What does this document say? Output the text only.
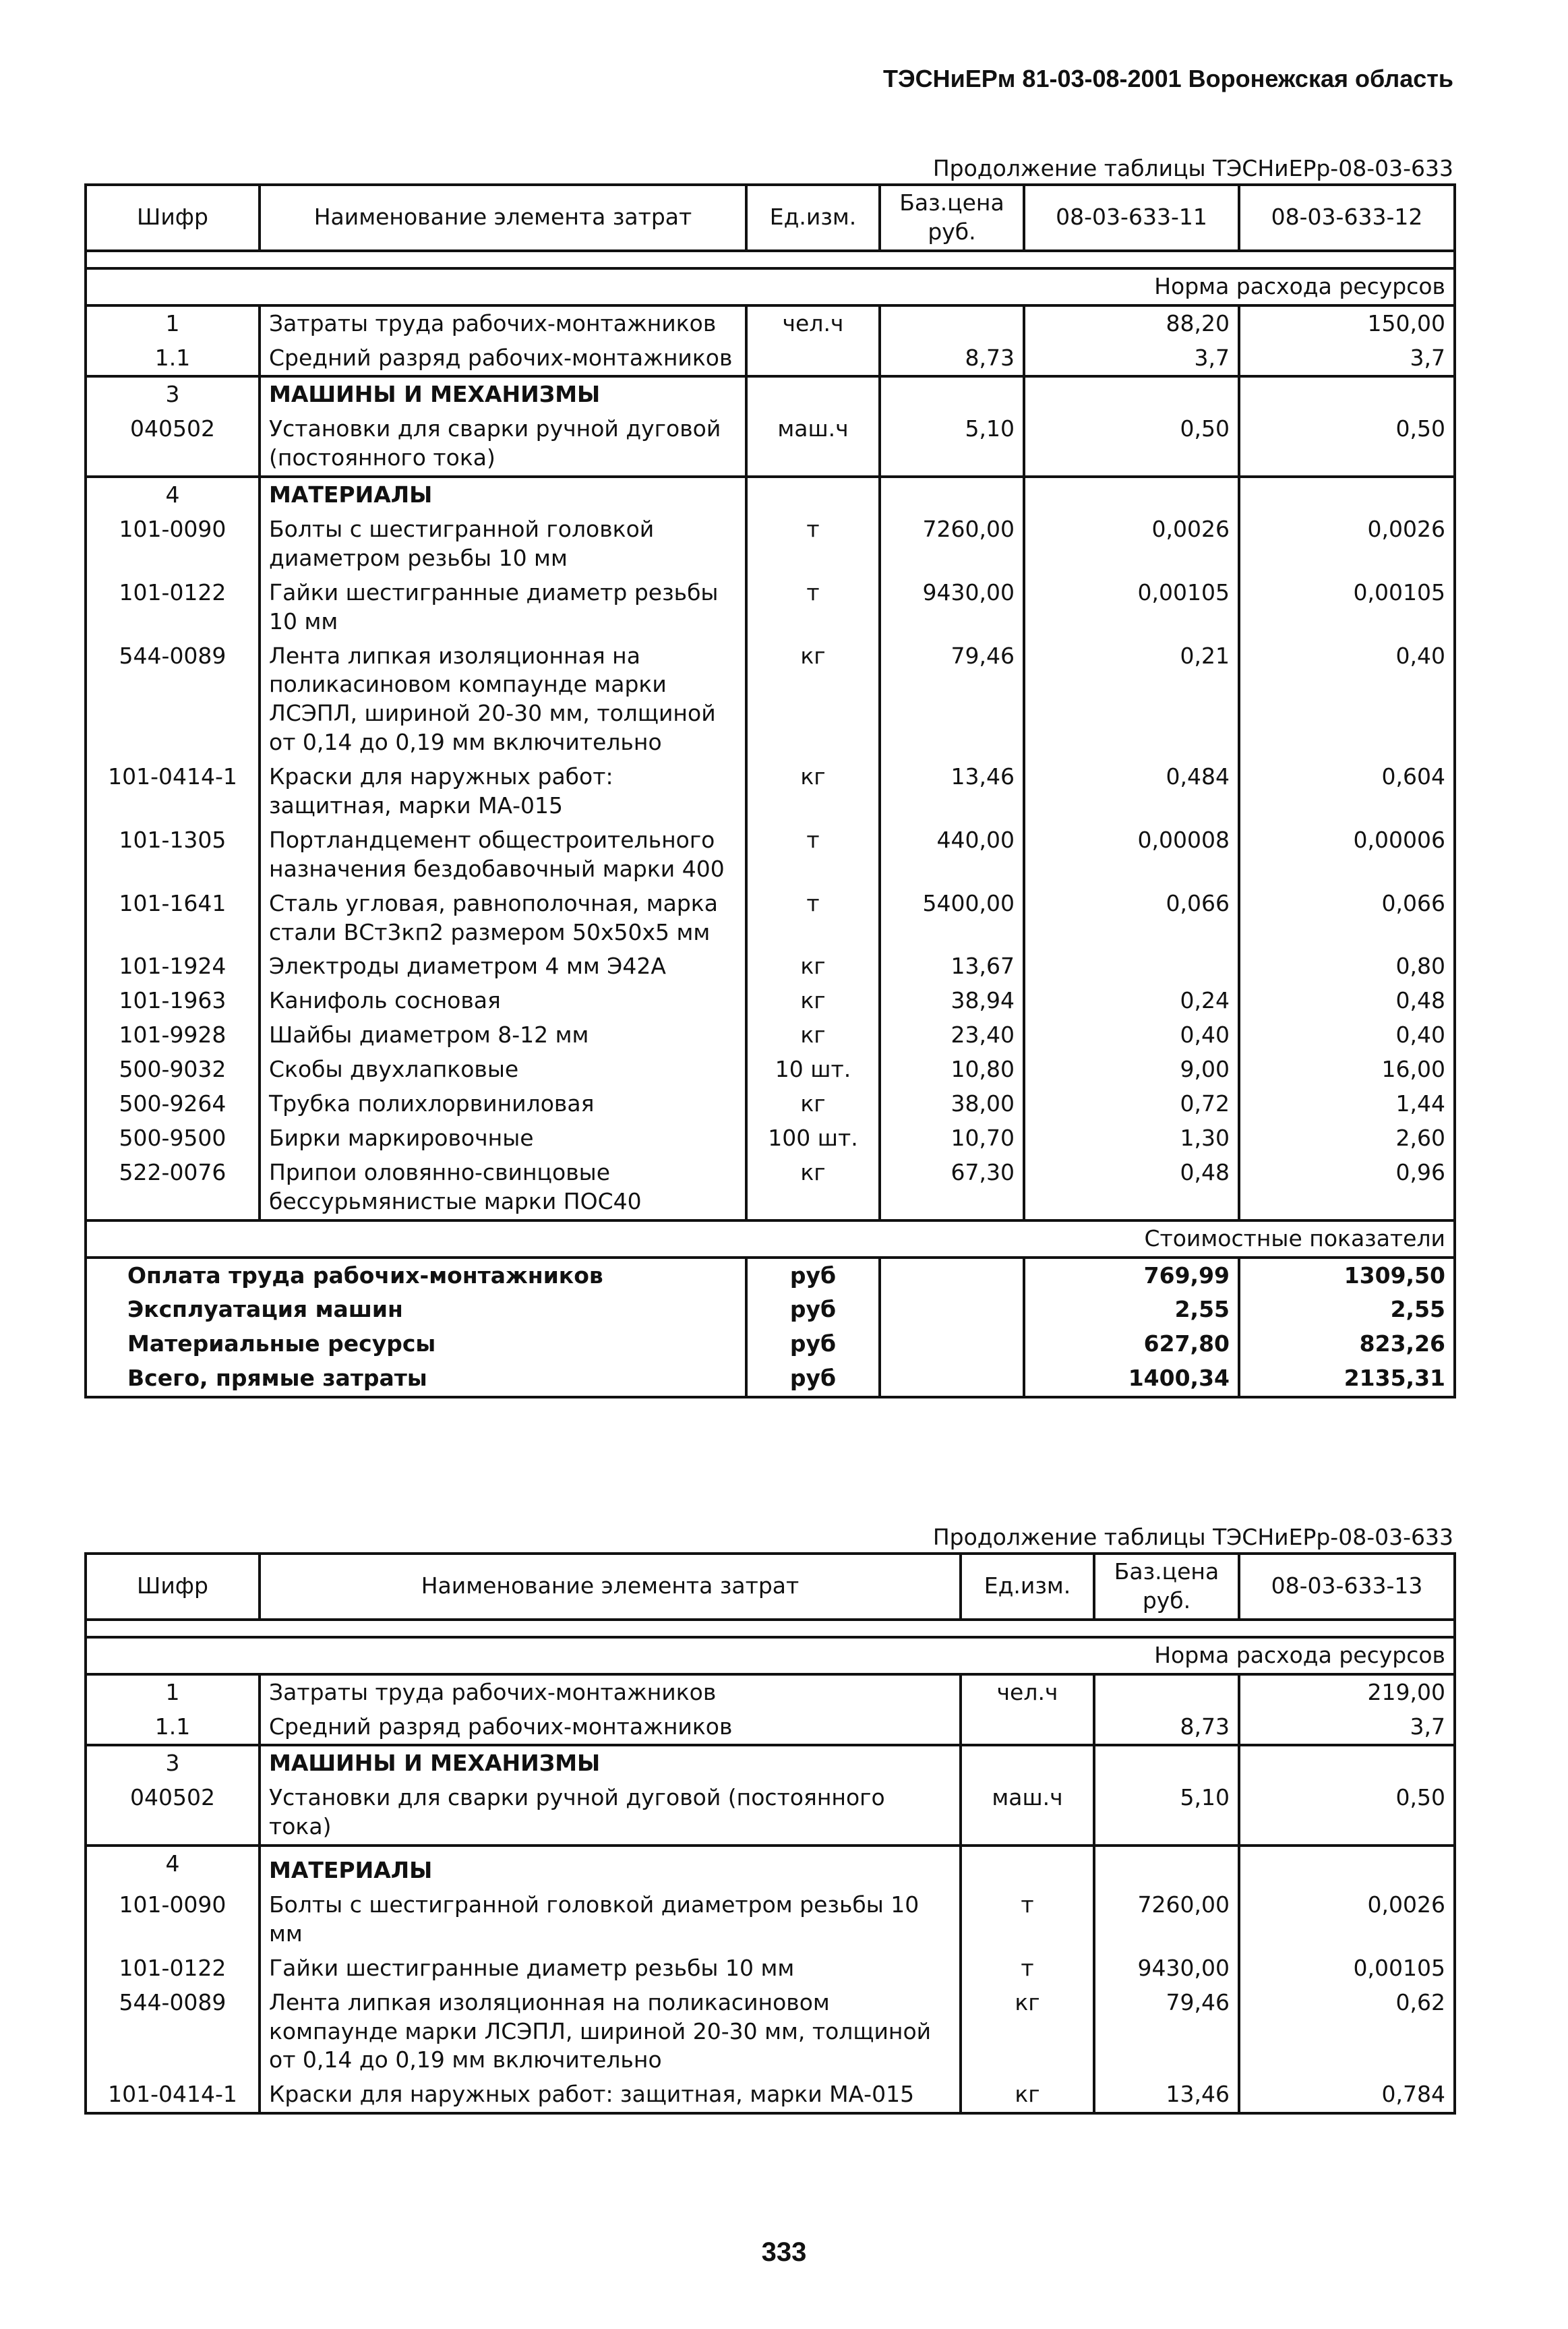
ТЭСНиЕРм 81-03-08-2001 Воронежская область
Продолжение таблицы ТЭСНиЕРр-08-03-633
Шифр	Наименование элемента затрат	Ед.изм.	Баз.цена руб.	08-03-633-11	08-03-633-12

Норма расхода ресурсов					
1	Затраты труда рабочих-монтажников	чел.ч		88,20	150,00
1.1	Средний разряд рабочих-монтажников		8,73	3,7	3,7
3	МАШИНЫ И МЕХАНИЗМЫ				
040502	Установки для сварки ручной дуговой (постоянного тока)	маш.ч	5,10	0,50	0,50
4	МАТЕРИАЛЫ				
101-0090	Болты с шестигранной головкой диаметром резьбы 10 мм	т	7260,00	0,0026	0,0026
101-0122	Гайки шестигранные диаметр резьбы 10 мм	т	9430,00	0,00105	0,00105
544-0089	Лента липкая изоляционная на поликасиновом компаунде марки ЛСЭПЛ, шириной 20-30 мм, толщиной от 0,14 до 0,19 мм включительно	кг	79,46	0,21	0,40
101-0414-1	Краски для наружных работ: защитная, марки МА-015	кг	13,46	0,484	0,604
101-1305	Портландцемент общестроительного назначения бездобавочный марки 400	т	440,00	0,00008	0,00006
101-1641	Сталь угловая, равнополочная, марка стали ВСт3кп2 размером 50х50х5 мм	т	5400,00	0,066	0,066
101-1924	Электроды диаметром 4 мм Э42А	кг	13,67		0,80
101-1963	Канифоль сосновая	кг	38,94	0,24	0,48
101-9928	Шайбы диаметром 8-12 мм	кг	23,40	0,40	0,40
500-9032	Скобы двухлапковые	10 шт.	10,80	9,00	16,00
500-9264	Трубка полихлорвиниловая	кг	38,00	0,72	1,44
500-9500	Бирки маркировочные	100 шт.	10,70	1,30	2,60
522-0076	Припои оловянно-свинцовые бессурьмянистые марки ПОС40	кг	67,30	0,48	0,96
Стоимостные показатели					
Оплата труда рабочих-монтажников		руб		769,99	1309,50
Эксплуатация машин		руб		2,55	2,55
Материальные ресурсы		руб		627,80	823,26
Всего, прямые затраты		руб		1400,34	2135,31
Продолжение таблицы ТЭСНиЕРр-08-03-633
Шифр	Наименование элемента затрат	Ед.изм.	Баз.цена руб.	08-03-633-13

Норма расхода ресурсов				
1	Затраты труда рабочих-монтажников	чел.ч		219,00
1.1	Средний разряд рабочих-монтажников		8,73	3,7
3	МАШИНЫ И МЕХАНИЗМЫ			
040502	Установки для сварки ручной дуговой (постоянного тока)	маш.ч	5,10	0,50
4	МАТЕРИАЛЫ			
101-0090	Болты с шестигранной головкой диаметром резьбы 10 мм	т	7260,00	0,0026
101-0122	Гайки шестигранные диаметр резьбы 10 мм	т	9430,00	0,00105
544-0089	Лента липкая изоляционная на поликасиновом компаунде марки ЛСЭПЛ, шириной 20-30 мм, толщиной от 0,14 до 0,19 мм включительно	кг	79,46	0,62
101-0414-1	Краски для наружных работ: защитная, марки МА-015	кг	13,46	0,784
333
